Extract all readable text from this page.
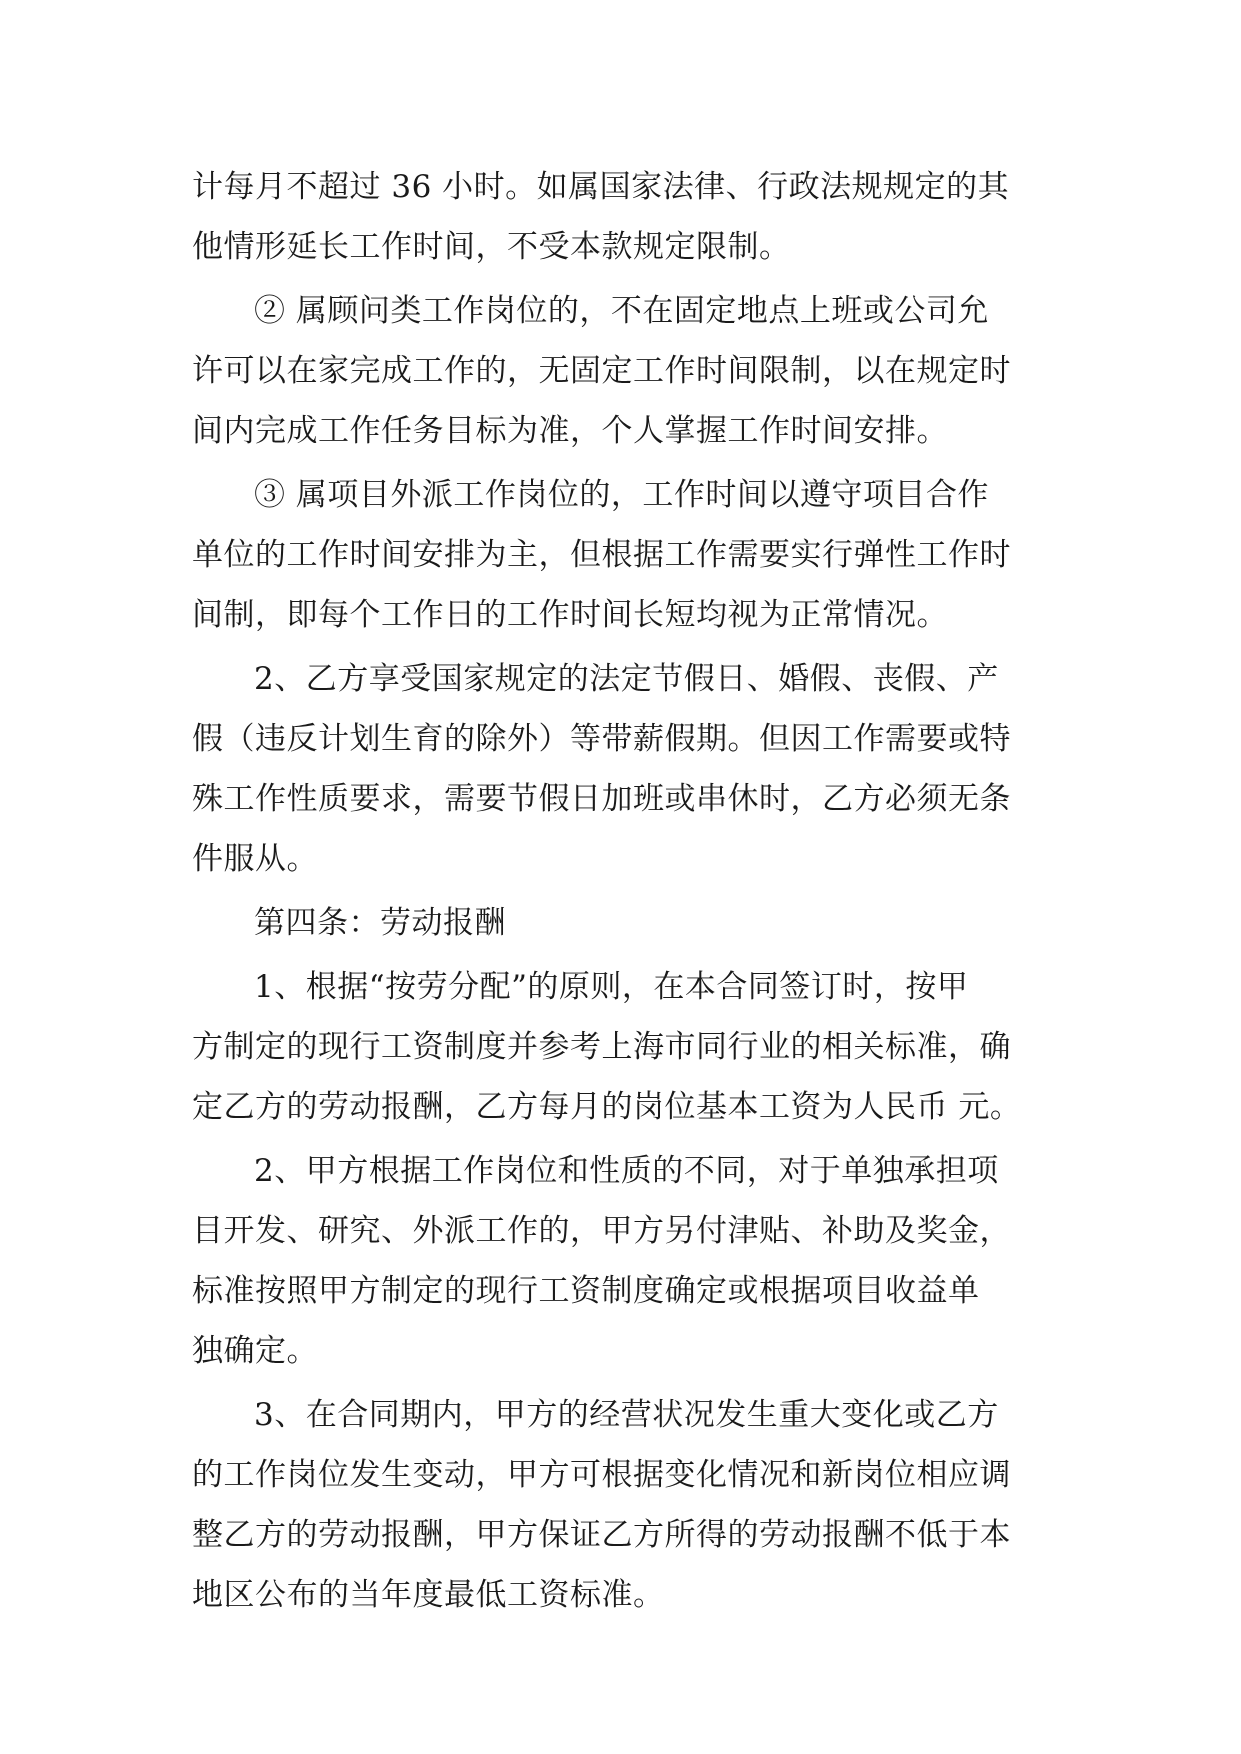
计每月不超过 36 小时。如属国家法律、行政法规规定的其
他情形延长工作时间，不受本款规定限制。
② 属顾问类工作岗位的，不在固定地点上班或公司允
许可以在家完成工作的，无固定工作时间限制，以在规定时
间内完成工作任务目标为准，个人掌握工作时间安排。
③ 属项目外派工作岗位的，工作时间以遵守项目合作
单位的工作时间安排为主，但根据工作需要实行弹性工作时
间制，即每个工作日的工作时间长短均视为正常情况。
2、乙方享受国家规定的法定节假日、婚假、丧假、产
假（违反计划生育的除外）等带薪假期。但因工作需要或特
殊工作性质要求，需要节假日加班或串休时，乙方必须无条
件服从。
第四条：劳动报酬
1、根据“按劳分配”的原则，在本合同签订时，按甲
方制定的现行工资制度并参考上海市同行业的相关标准，确
定乙方的劳动报酬，乙方每月的岗位基本工资为人民币 元。
2、甲方根据工作岗位和性质的不同，对于单独承担项
目开发、研究、外派工作的，甲方另付津贴、补助及奖金，
标准按照甲方制定的现行工资制度确定或根据项目收益单
独确定。
3、在合同期内，甲方的经营状况发生重大变化或乙方
的工作岗位发生变动，甲方可根据变化情况和新岗位相应调
整乙方的劳动报酬，甲方保证乙方所得的劳动报酬不低于本
地区公布的当年度最低工资标准。
